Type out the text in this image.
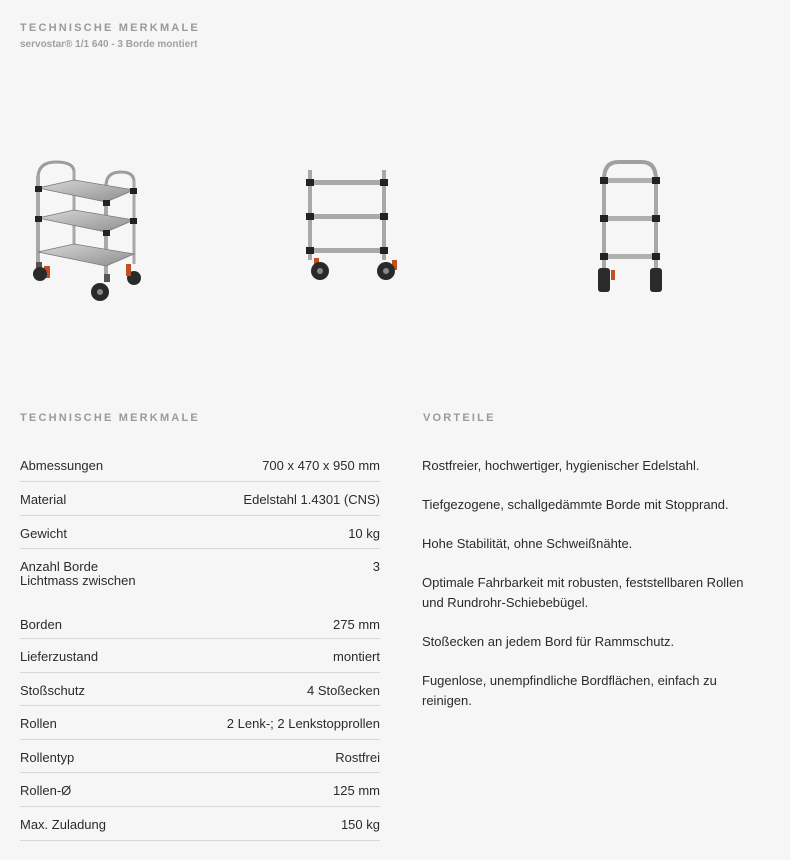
TECHNISCHE MERKMALE
servostar® 1/1 640 - 3 Borde montiert
TECHNISCHE MERKMALE	VORTEILE
Abmessungen	700 x 470 x 950 mm
Material	Edelstahl 1.4301 (CNS)
Gewicht	10 kg
Anzahl Borde	3
Lichtmass zwischen
Borden	275 mm
Lieferzustand	montiert
Stoßschutz	4 Stoßecken
Rollen	2 Lenk-; 2 Lenkstopprollen
Rollentyp	Rostfrei
Rollen-Ø	125 mm
Max. Zuladung	150 kg

Rostfreier, hochwertiger, hygienischer Edelstahl.

Tiefgezogene, schallgedämmte Borde mit Stopprand.

Hohe Stabilität, ohne Schweißnähte.

Optimale Fahrbarkeit mit robusten, feststellbaren Rollen und Rundrohr-Schiebebügel.

Stoßecken an jedem Bord für Rammschutz.

Fugenlose, unempfindliche Bordflächen, einfach zu reinigen.
